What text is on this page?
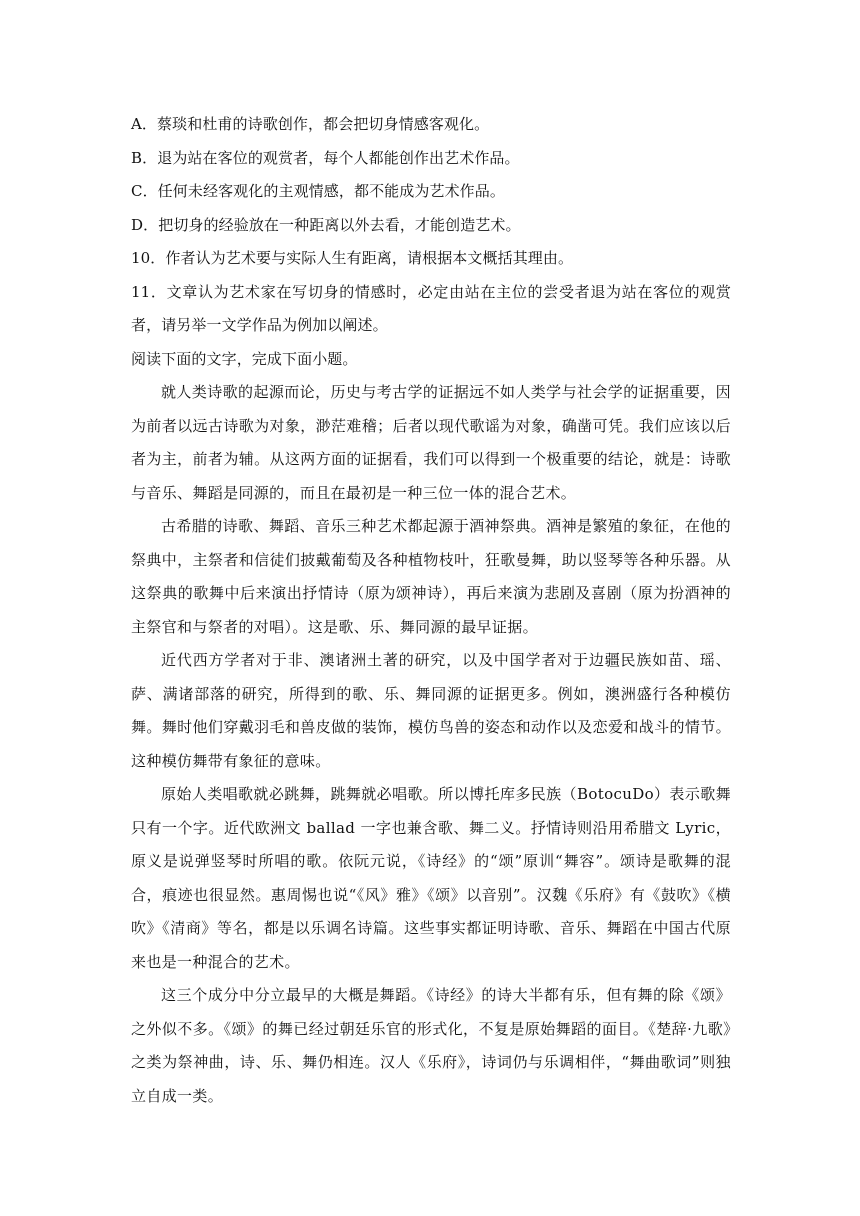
A．蔡琰和杜甫的诗歌创作，都会把切身情感客观化。
B．退为站在客位的观赏者，每个人都能创作出艺术作品。
C．任何未经客观化的主观情感，都不能成为艺术作品。
D．把切身的经验放在一种距离以外去看，才能创造艺术。
10．作者认为艺术要与实际人生有距离，请根据本文概括其理由。
11．文章认为艺术家在写切身的情感时，必定由站在主位的尝受者退为站在客位的观赏者，请另举一文学作品为例加以阐述。
阅读下面的文字，完成下面小题。
就人类诗歌的起源而论，历史与考古学的证据远不如人类学与社会学的证据重要，因为前者以远古诗歌为对象，渺茫难稽；后者以现代歌谣为对象，确凿可凭。我们应该以后者为主，前者为辅。从这两方面的证据看，我们可以得到一个极重要的结论，就是：诗歌与音乐、舞蹈是同源的，而且在最初是一种三位一体的混合艺术。
古希腊的诗歌、舞蹈、音乐三种艺术都起源于酒神祭典。酒神是繁殖的象征，在他的祭典中，主祭者和信徒们披戴葡萄及各种植物枝叶，狂歌曼舞，助以竖琴等各种乐器。从这祭典的歌舞中后来演出抒情诗（原为颂神诗），再后来演为悲剧及喜剧（原为扮酒神的主祭官和与祭者的对唱）。这是歌、乐、舞同源的最早证据。
近代西方学者对于非、澳诸洲土著的研究，以及中国学者对于边疆民族如苗、瑶、萨、满诸部落的研究，所得到的歌、乐、舞同源的证据更多。例如，澳洲盛行各种模仿舞。舞时他们穿戴羽毛和兽皮做的装饰，模仿鸟兽的姿态和动作以及恋爱和战斗的情节。这种模仿舞带有象征的意味。
原始人类唱歌就必跳舞，跳舞就必唱歌。所以博托库多民族（BotocuDo）表示歌舞只有一个字。近代欧洲文 ballad 一字也兼含歌、舞二义。抒情诗则沿用希腊文 Lyric，原义是说弹竖琴时所唱的歌。依阮元说，《诗经》的“颂”原训“舞容”。颂诗是歌舞的混合，痕迹也很显然。惠周惕也说“《风》雅》《颂》以音别”。汉魏《乐府》有《鼓吹》《横吹》《清商》等名，都是以乐调名诗篇。这些事实都证明诗歌、音乐、舞蹈在中国古代原来也是一种混合的艺术。
这三个成分中分立最早的大概是舞蹈。《诗经》的诗大半都有乐，但有舞的除《颂》之外似不多。《颂》的舞已经过朝廷乐官的形式化，不复是原始舞蹈的面目。《楚辞·九歌》之类为祭神曲，诗、乐、舞仍相连。汉人《乐府》，诗词仍与乐调相伴，“舞曲歌词”则独立自成一类。
